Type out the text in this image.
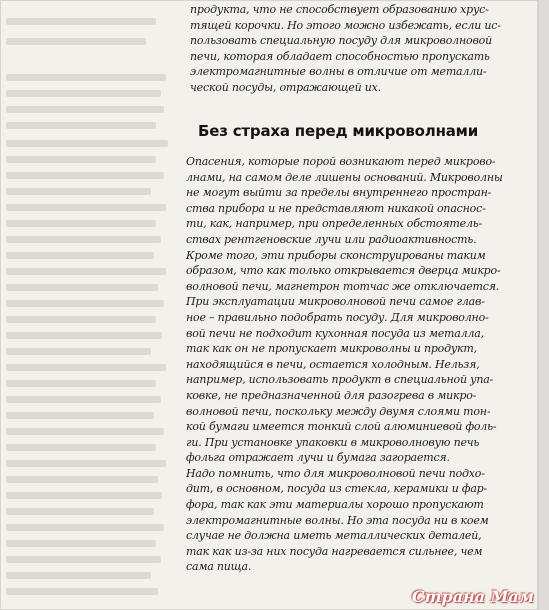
продукта, что не способствует образованию хрус-
тящей корочки. Но этого можно избежать, если ис-
пользовать специальную посуду для микроволновой
печи, которая обладает способностью пропускать
электромагнитные волны в отличие от металли-
ческой посуды, отражающей их.
Без страха перед микроволнами
Опасения, которые порой возникают перед микрово-
лнами, на самом деле лишены оснований. Микроволны
не могут выйти за пределы внутреннего простран-
ства прибора и не представляют никакой опаснос-
ти, как, например, при определенных обстоятель-
ствах рентгеновские лучи или радиоактивность.
Кроме того, эти приборы сконструированы таким
образом, что как только открывается дверца микро-
волновой печи, магнетрон тотчас же отключается.
При эксплуатации микроволновой печи самое глав-
ное – правильно подобрать посуду. Для микроволно-
вой печи не подходит кухонная посуда из металла,
так как он не пропускает микроволны и продукт,
находящийся в печи, остается холодным. Нельзя,
например, использовать продукт в специальной упа-
ковке, не предназначенной для разогрева в микро-
волновой печи, поскольку между двумя слоями тон-
кой бумаги имеется тонкий слой алюминиевой фоль-
ги. При установке упаковки в микроволновую печь
фольга отражает лучи и бумага загорается.
Надо помнить, что для микроволновой печи подхо-
дит, в основном, посуда из стекла, керамики и фар-
фора, так как эти материалы хорошо пропускают
электромагнитные волны. Но эта посуда ни в коем
случае не должна иметь металлических деталей,
так как из-за них посуда нагревается сильнее, чем
сама пища.
Страна Мам
